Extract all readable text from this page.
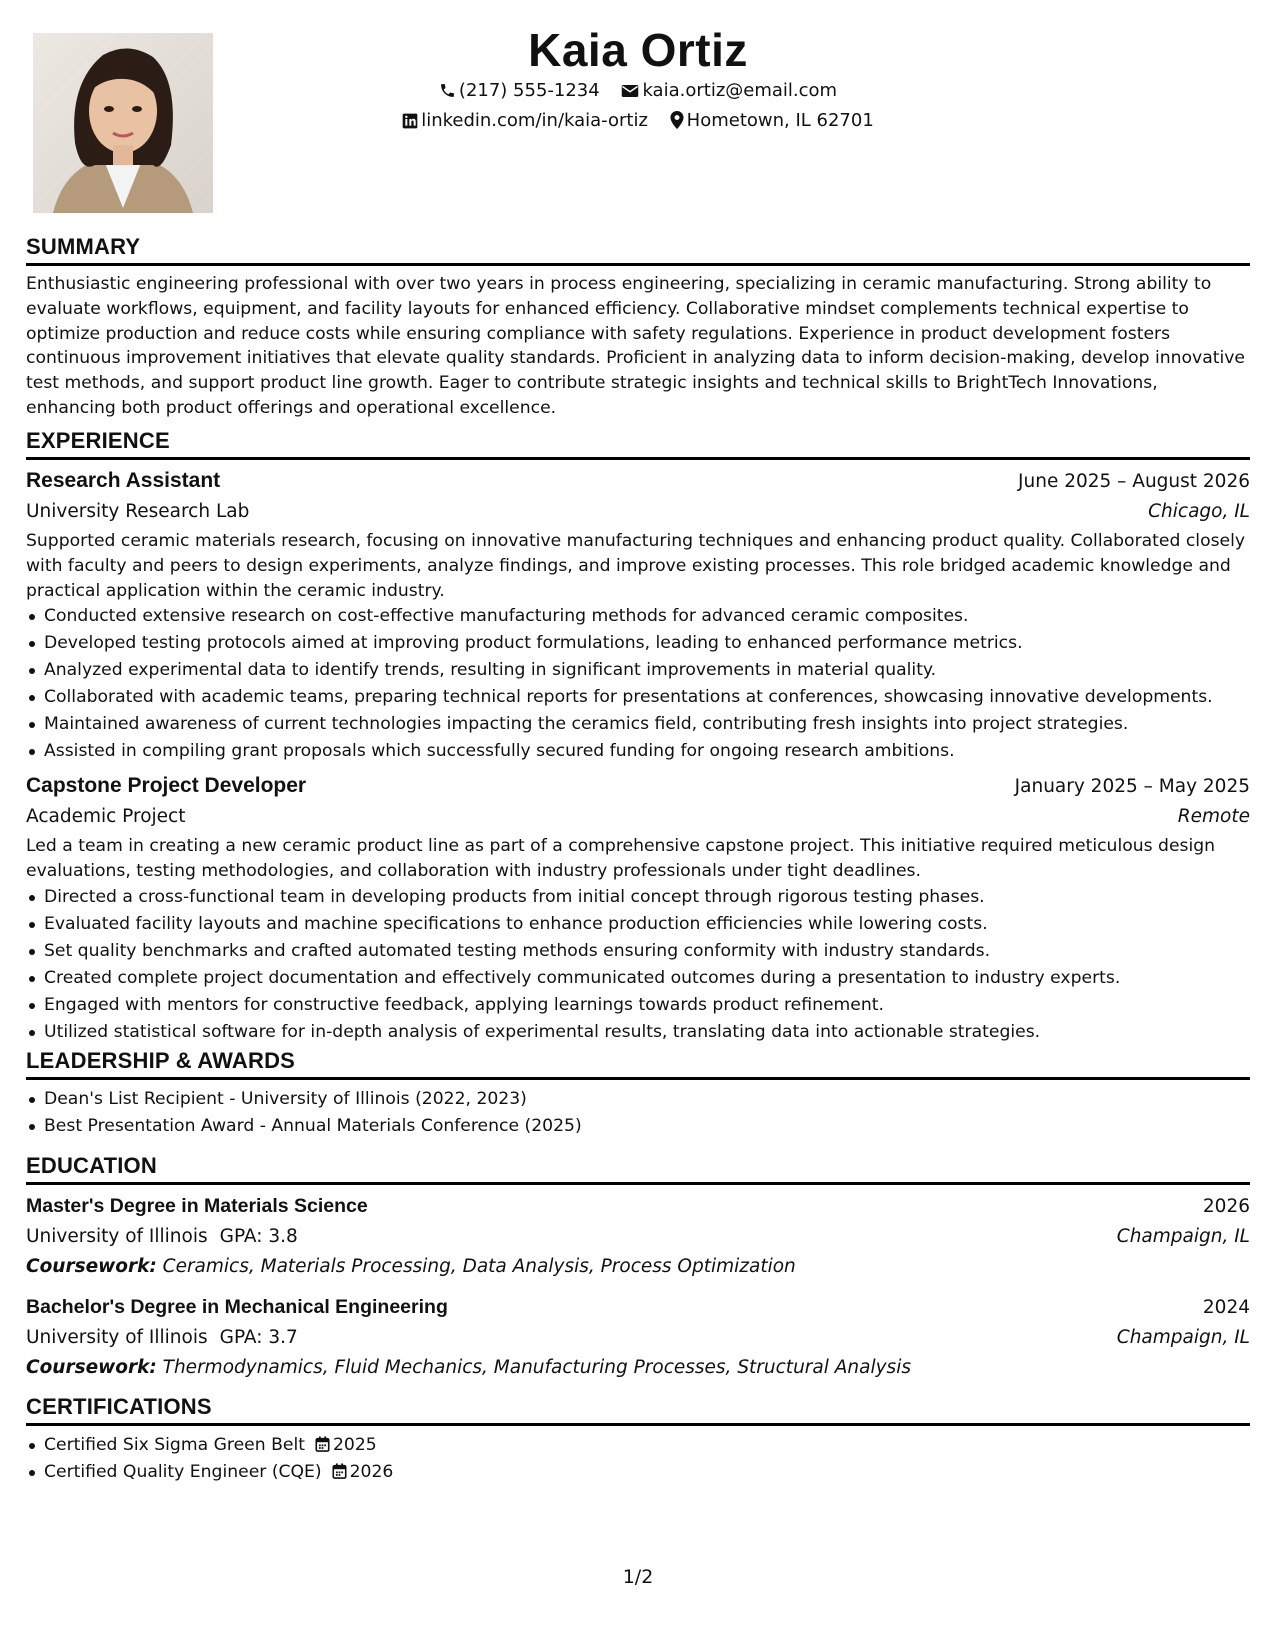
Kaia Ortiz
(217) 555-1234 kaia.ortiz@email.com
linkedin.com/in/kaia-ortiz Hometown, IL 62701
SUMMARY

Enthusiastic engineering professional with over two years in process engineering, specializing in ceramic manufacturing. Strong ability to evaluate workflows, equipment, and facility layouts for enhanced efficiency. Collaborative mindset complements technical expertise to optimize production and reduce costs while ensuring compliance with safety regulations. Experience in product development fosters continuous improvement initiatives that elevate quality standards. Proficient in analyzing data to inform decision-making, develop innovative test methods, and support product line growth. Eager to contribute strategic insights and technical skills to BrightTech Innovations, enhancing both product offerings and operational excellence.

EXPERIENCE
Research Assistant	June 2025 – August 2026
University Research Lab	Chicago, IL

Supported ceramic materials research, focusing on innovative manufacturing techniques and enhancing product quality. Collaborated closely with faculty and peers to design experiments, analyze findings, and improve existing processes. This role bridged academic knowledge and practical application within the ceramic industry.

Conducted extensive research on cost-effective manufacturing methods for advanced ceramic composites.
Developed testing protocols aimed at improving product formulations, leading to enhanced performance metrics.
Analyzed experimental data to identify trends, resulting in significant improvements in material quality.
Collaborated with academic teams, preparing technical reports for presentations at conferences, showcasing innovative developments.
Maintained awareness of current technologies impacting the ceramics field, contributing fresh insights into project strategies.
Assisted in compiling grant proposals which successfully secured funding for ongoing research ambitions.
Capstone Project Developer	January 2025 – May 2025
Academic Project	Remote

Led a team in creating a new ceramic product line as part of a comprehensive capstone project. This initiative required meticulous design evaluations, testing methodologies, and collaboration with industry professionals under tight deadlines.

Directed a cross-functional team in developing products from initial concept through rigorous testing phases.
Evaluated facility layouts and machine specifications to enhance production efficiencies while lowering costs.
Set quality benchmarks and crafted automated testing methods ensuring conformity with industry standards.
Created complete project documentation and effectively communicated outcomes during a presentation to industry experts.
Engaged with mentors for constructive feedback, applying learnings towards product refinement.
Utilized statistical software for in-depth analysis of experimental results, translating data into actionable strategies.
LEADERSHIP & AWARDS
Dean's List Recipient - University of Illinois (2022, 2023)
Best Presentation Award - Annual Materials Conference (2025)
EDUCATION
Master's Degree in Materials Science	2026
University of Illinois GPA: 3.8	Champaign, IL
Coursework: Ceramics, Materials Processing, Data Analysis, Process Optimization
Bachelor's Degree in Mechanical Engineering	2024
University of Illinois GPA: 3.7	Champaign, IL
Coursework: Thermodynamics, Fluid Mechanics, Manufacturing Processes, Structural Analysis
CERTIFICATIONS
Certified Six Sigma Green Belt 2025
Certified Quality Engineer (CQE) 2026
1/2
